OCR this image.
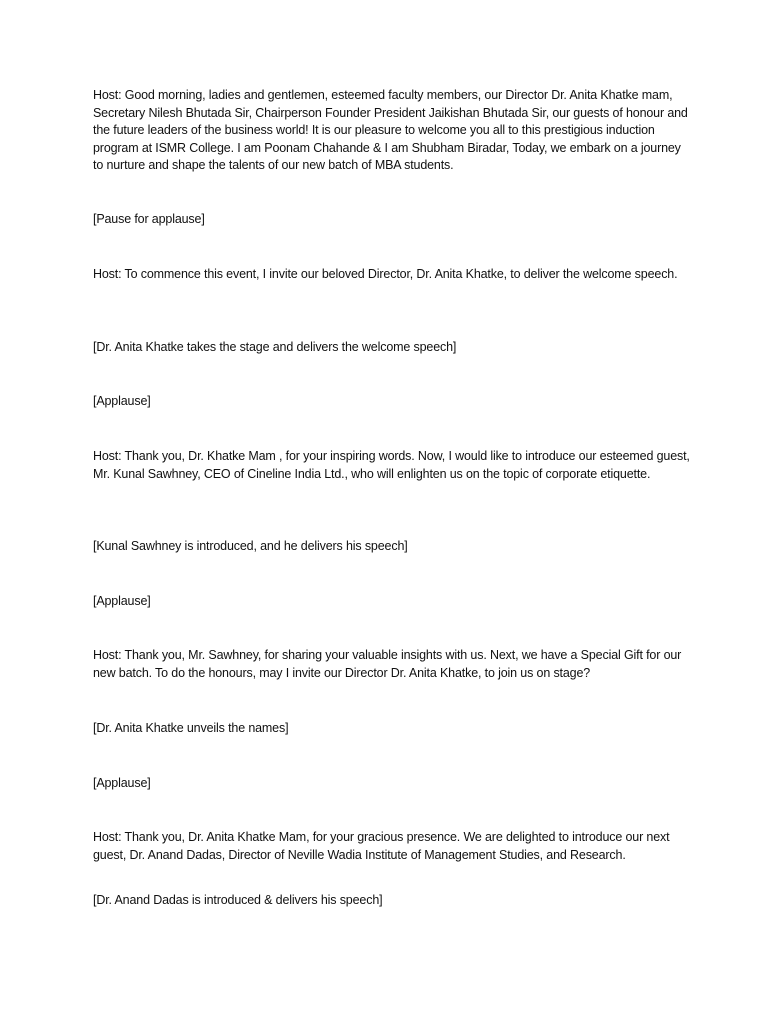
Host: Good morning, ladies and gentlemen, esteemed faculty members, our Director Dr. Anita Khatke mam, Secretary Nilesh Bhutada Sir, Chairperson Founder President Jaikishan Bhutada Sir, our guests of honour and the future leaders of the business world! It is our pleasure to welcome you all to this prestigious induction program at ISMR College. I am Poonam Chahande & I am Shubham Biradar, Today, we embark on a journey to nurture and shape the talents of our new batch of MBA students.

[Pause for applause]

Host: To commence this event, I invite our beloved Director, Dr. Anita Khatke, to deliver the welcome speech.

[Dr. Anita Khatke takes the stage and delivers the welcome speech]

[Applause]

Host: Thank you, Dr. Khatke Mam , for your inspiring words. Now, I would like to introduce our esteemed guest, Mr. Kunal Sawhney, CEO of Cineline India Ltd., who will enlighten us on the topic of corporate etiquette.

[Kunal Sawhney is introduced, and he delivers his speech]

[Applause]

Host: Thank you, Mr. Sawhney, for sharing your valuable insights with us. Next, we have a Special Gift for our new batch. To do the honours, may I invite our Director Dr. Anita Khatke, to join us on stage?

[Dr. Anita Khatke unveils the names]

[Applause]

Host: Thank you, Dr. Anita Khatke Mam, for your gracious presence. We are delighted to introduce our next guest, Dr. Anand Dadas, Director of Neville Wadia Institute of Management Studies, and Research.

[Dr. Anand Dadas is introduced & delivers his speech]
